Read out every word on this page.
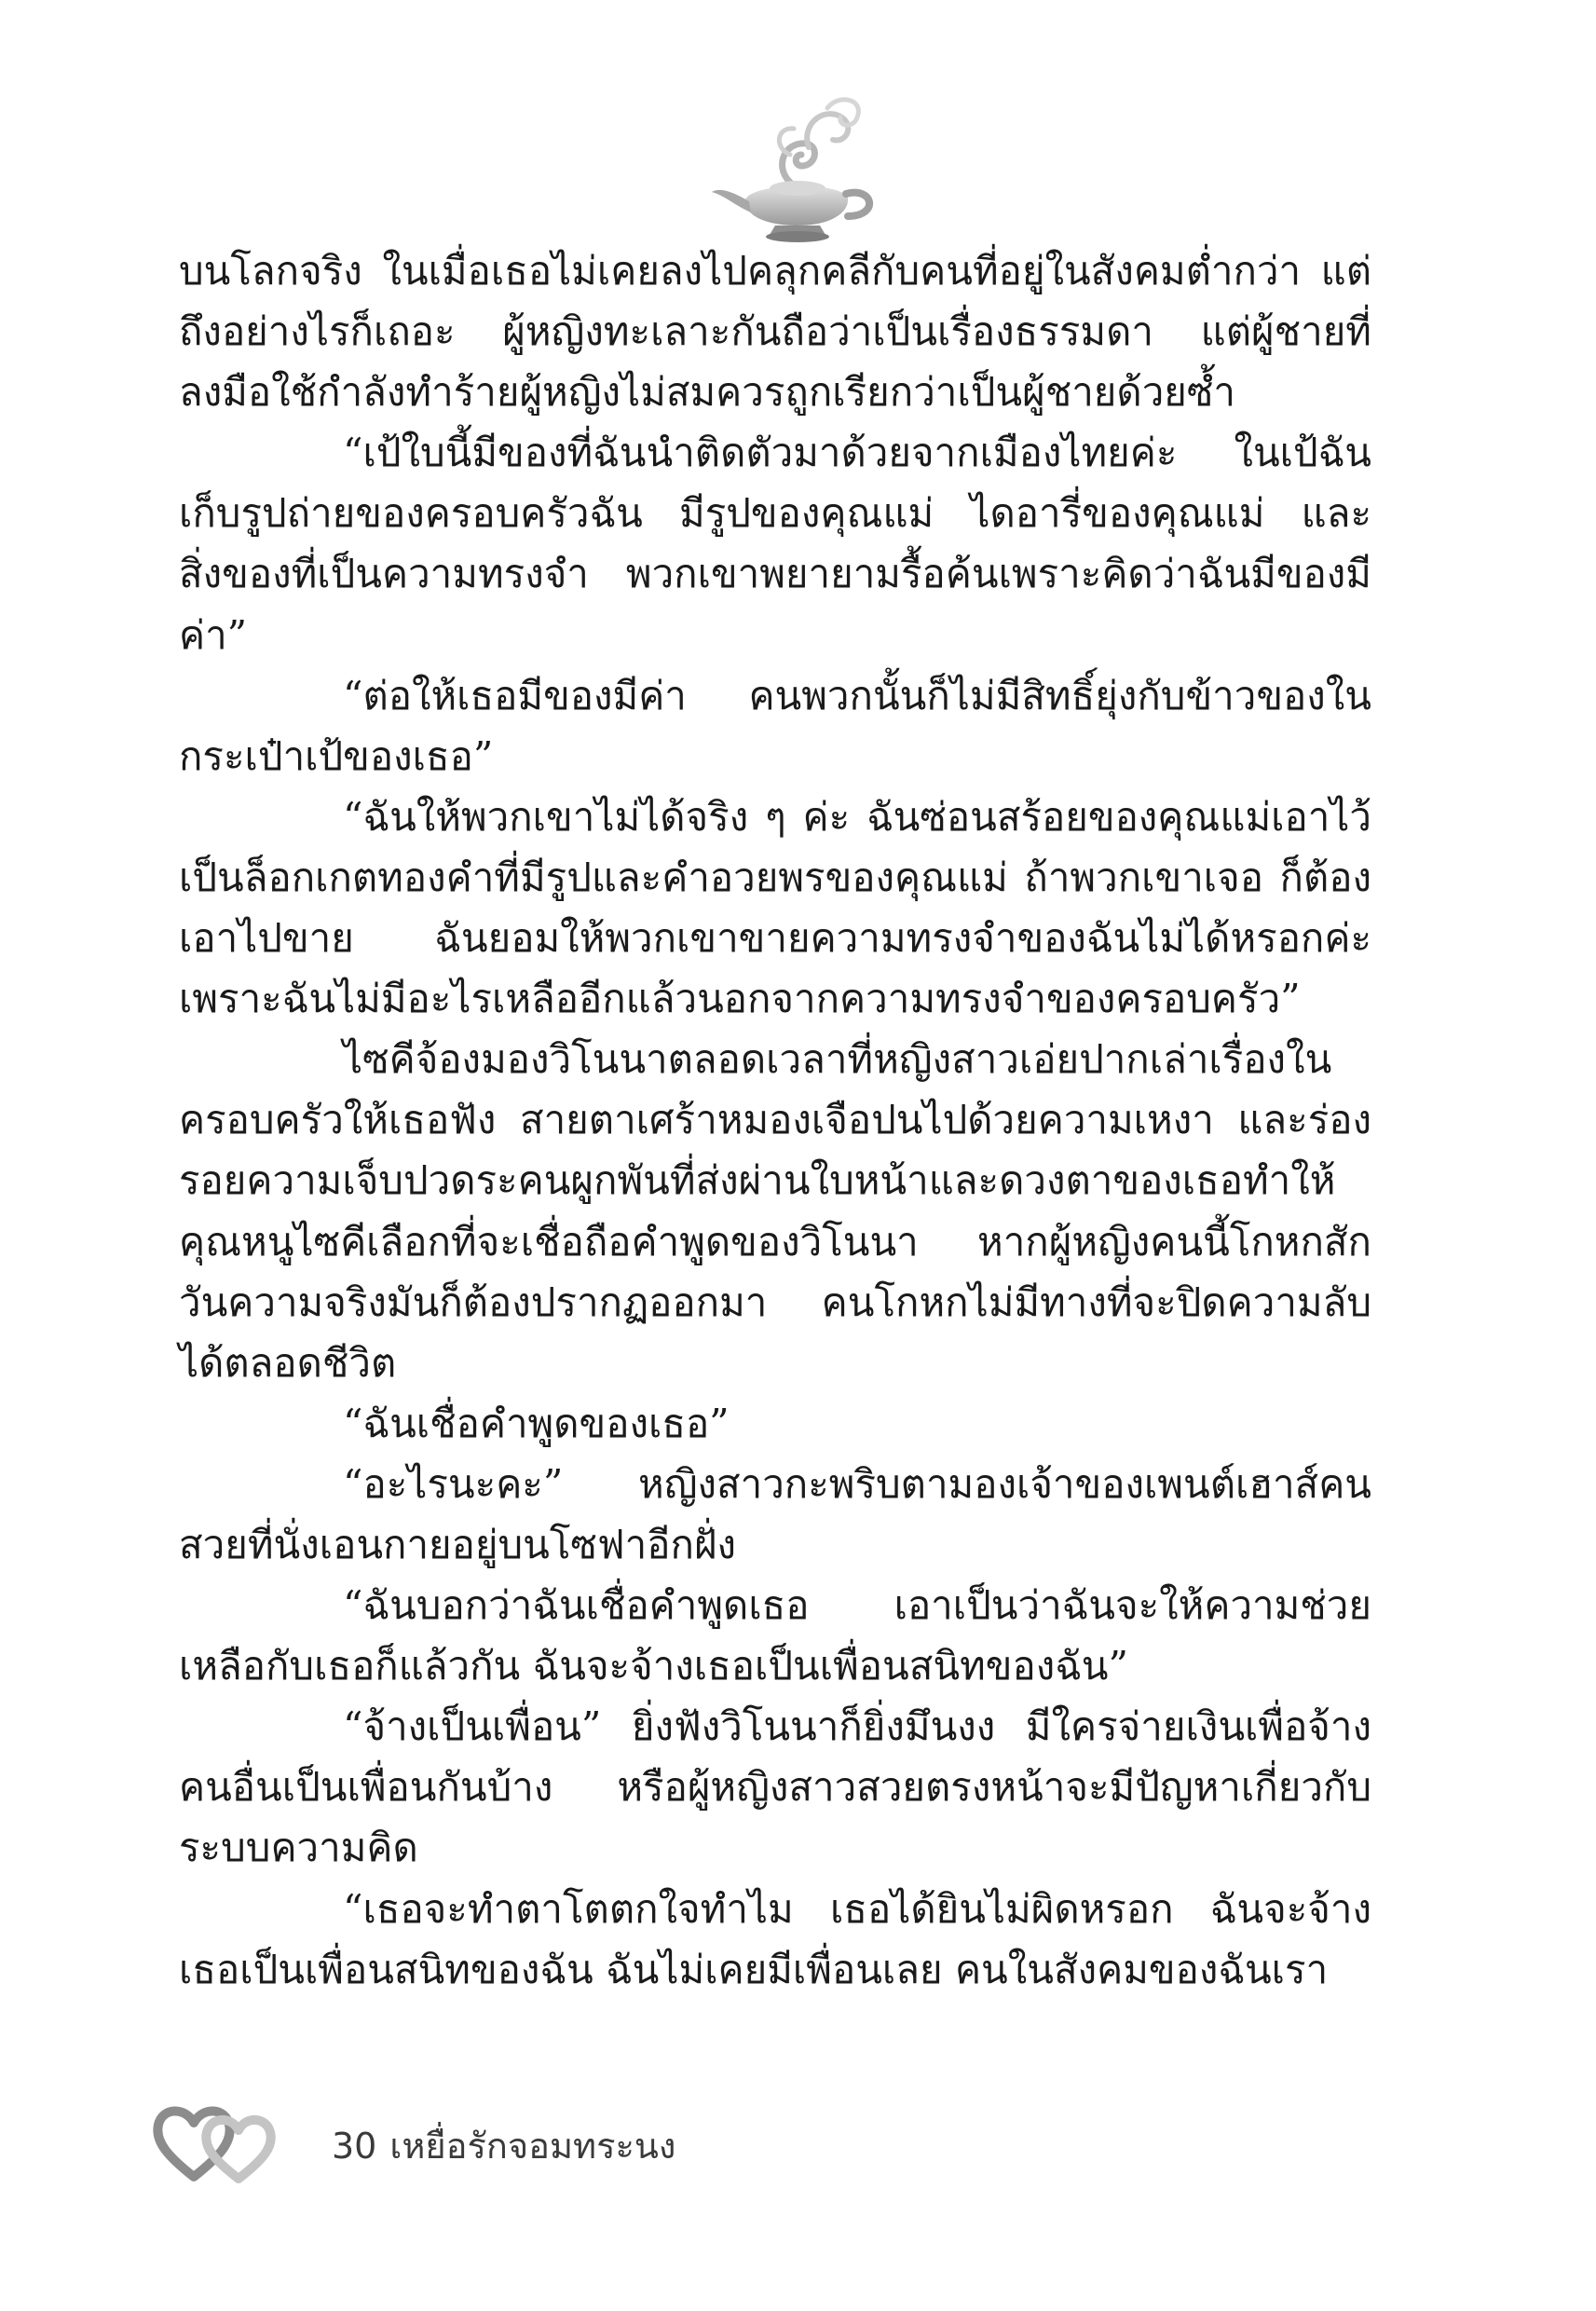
บนโลกจริง ในเมื่อเธอไม่เคยลงไปคลุกคลีกับคนที่อยู่ในสังคมต่ำกว่า แต่ถึงอย่างไรก็เถอะ ผู้หญิงทะเลาะกันถือว่าเป็นเรื่องธรรมดา แต่ผู้ชายที่ลงมือใช้กำลังทำร้ายผู้หญิงไม่สมควรถูกเรียกว่าเป็นผู้ชายด้วยซ้ำ

“เป้ใบนี้มีของที่ฉันนำติดตัวมาด้วยจากเมืองไทยค่ะ ในเป้ฉันเก็บรูปถ่ายของครอบครัวฉัน มีรูปของคุณแม่ ไดอารี่ของคุณแม่ และสิ่งของที่เป็นความทรงจำ พวกเขาพยายามรื้อค้นเพราะคิดว่าฉันมีของมีค่า”

“ต่อให้เธอมีของมีค่า คนพวกนั้นก็ไม่มีสิทธิ์ยุ่งกับข้าวของในกระเป๋าเป้ของเธอ”

“ฉันให้พวกเขาไม่ได้จริง ๆ ค่ะ ฉันซ่อนสร้อยของคุณแม่เอาไว้เป็นล็อกเกตทองคำที่มีรูปและคำอวยพรของคุณแม่ ถ้าพวกเขาเจอ ก็ต้องเอาไปขาย ฉันยอมให้พวกเขาขายความทรงจำของฉันไม่ได้หรอกค่ะ เพราะฉันไม่มีอะไรเหลืออีกแล้วนอกจากความทรงจำของครอบครัว”

ไซคีจ้องมองวิโนนาตลอดเวลาที่หญิงสาวเอ่ยปากเล่าเรื่องในครอบครัวให้เธอฟัง สายตาเศร้าหมองเจือปนไปด้วยความเหงา และร่องรอยความเจ็บปวดระคนผูกพันที่ส่งผ่านใบหน้าและดวงตาของเธอทำให้คุณหนูไซคีเลือกที่จะเชื่อถือคำพูดของวิโนนา หากผู้หญิงคนนี้โกหกสักวันความจริงมันก็ต้องปรากฏออกมา คนโกหกไม่มีทางที่จะปิดความลับได้ตลอดชีวิต

“ฉันเชื่อคำพูดของเธอ”

“อะไรนะคะ” หญิงสาวกะพริบตามองเจ้าของเพนต์เฮาส์คนสวยที่นั่งเอนกายอยู่บนโซฟาอีกฝั่ง

“ฉันบอกว่าฉันเชื่อคำพูดเธอ เอาเป็นว่าฉันจะให้ความช่วยเหลือกับเธอก็แล้วกัน ฉันจะจ้างเธอเป็นเพื่อนสนิทของฉัน”

“จ้างเป็นเพื่อน” ยิ่งฟังวิโนนาก็ยิ่งมึนงง มีใครจ่ายเงินเพื่อจ้างคนอื่นเป็นเพื่อนกันบ้าง หรือผู้หญิงสาวสวยตรงหน้าจะมีปัญหาเกี่ยวกับระบบความคิด

“เธอจะทำตาโตตกใจทำไม เธอได้ยินไม่ผิดหรอก ฉันจะจ้างเธอเป็นเพื่อนสนิทของฉัน ฉันไม่เคยมีเพื่อนเลย คนในสังคมของฉันเรา

30 เหยื่อรักจอมทระนง
